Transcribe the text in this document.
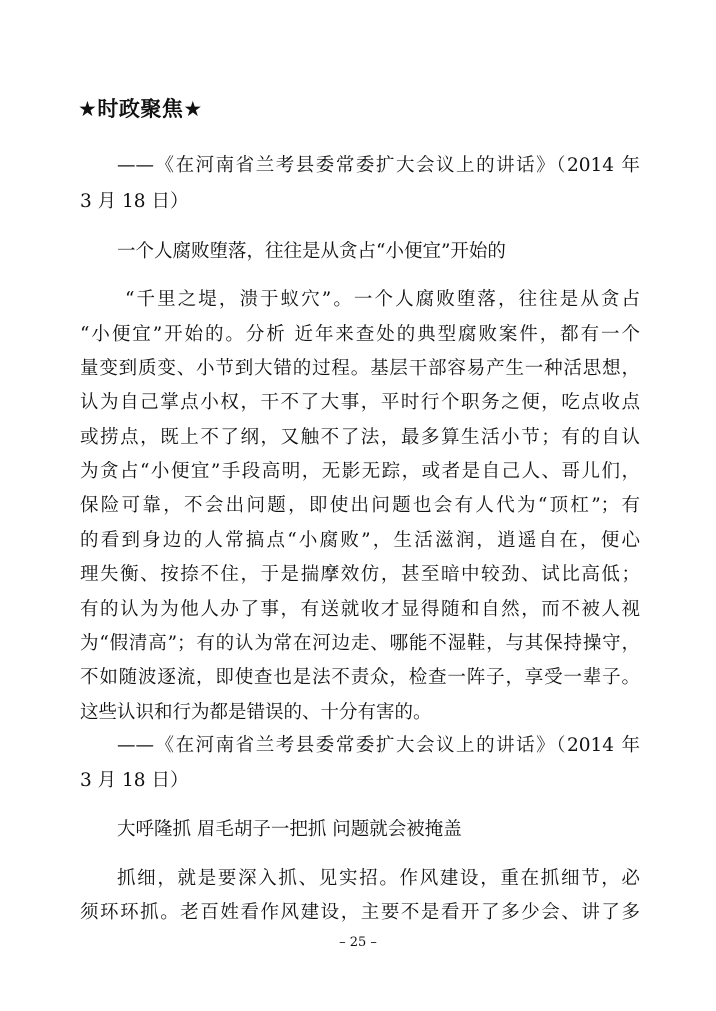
★时政聚焦★
——《在河南省兰考县委常委扩大会议上的讲话》（2014 年
3 月 18 日）
一个人腐败堕落，往往是从贪占“小便宜”开始的
“千里之堤，溃于蚁穴”。一个人腐败堕落，往往是从贪占
“小便宜”开始的。分析 近年来查处的典型腐败案件，都有一个
量变到质变、小节到大错的过程。基层干部容易产生一种活思想，
认为自己掌点小权，干不了大事，平时行个职务之便，吃点收点
或捞点，既上不了纲，又触不了法，最多算生活小节；有的自认
为贪占“小便宜”手段高明，无影无踪，或者是自己人、哥儿们，
保险可靠，不会出问题，即使出问题也会有人代为“顶杠”；有
的看到身边的人常搞点“小腐败”，生活滋润，逍遥自在，便心
理失衡、按捺不住，于是揣摩效仿，甚至暗中较劲、试比高低；
有的认为为他人办了事，有送就收才显得随和自然，而不被人视
为“假清高”；有的认为常在河边走、哪能不湿鞋，与其保持操守，
不如随波逐流，即使查也是法不责众，检查一阵子，享受一辈子。
这些认识和行为都是错误的、十分有害的。
——《在河南省兰考县委常委扩大会议上的讲话》（2014 年
3 月 18 日）
大呼隆抓 眉毛胡子一把抓 问题就会被掩盖
抓细，就是要深入抓、见实招。作风建设，重在抓细节，必
须环环抓。老百姓看作风建设，主要不是看开了多少会、讲了多
– 25 –
